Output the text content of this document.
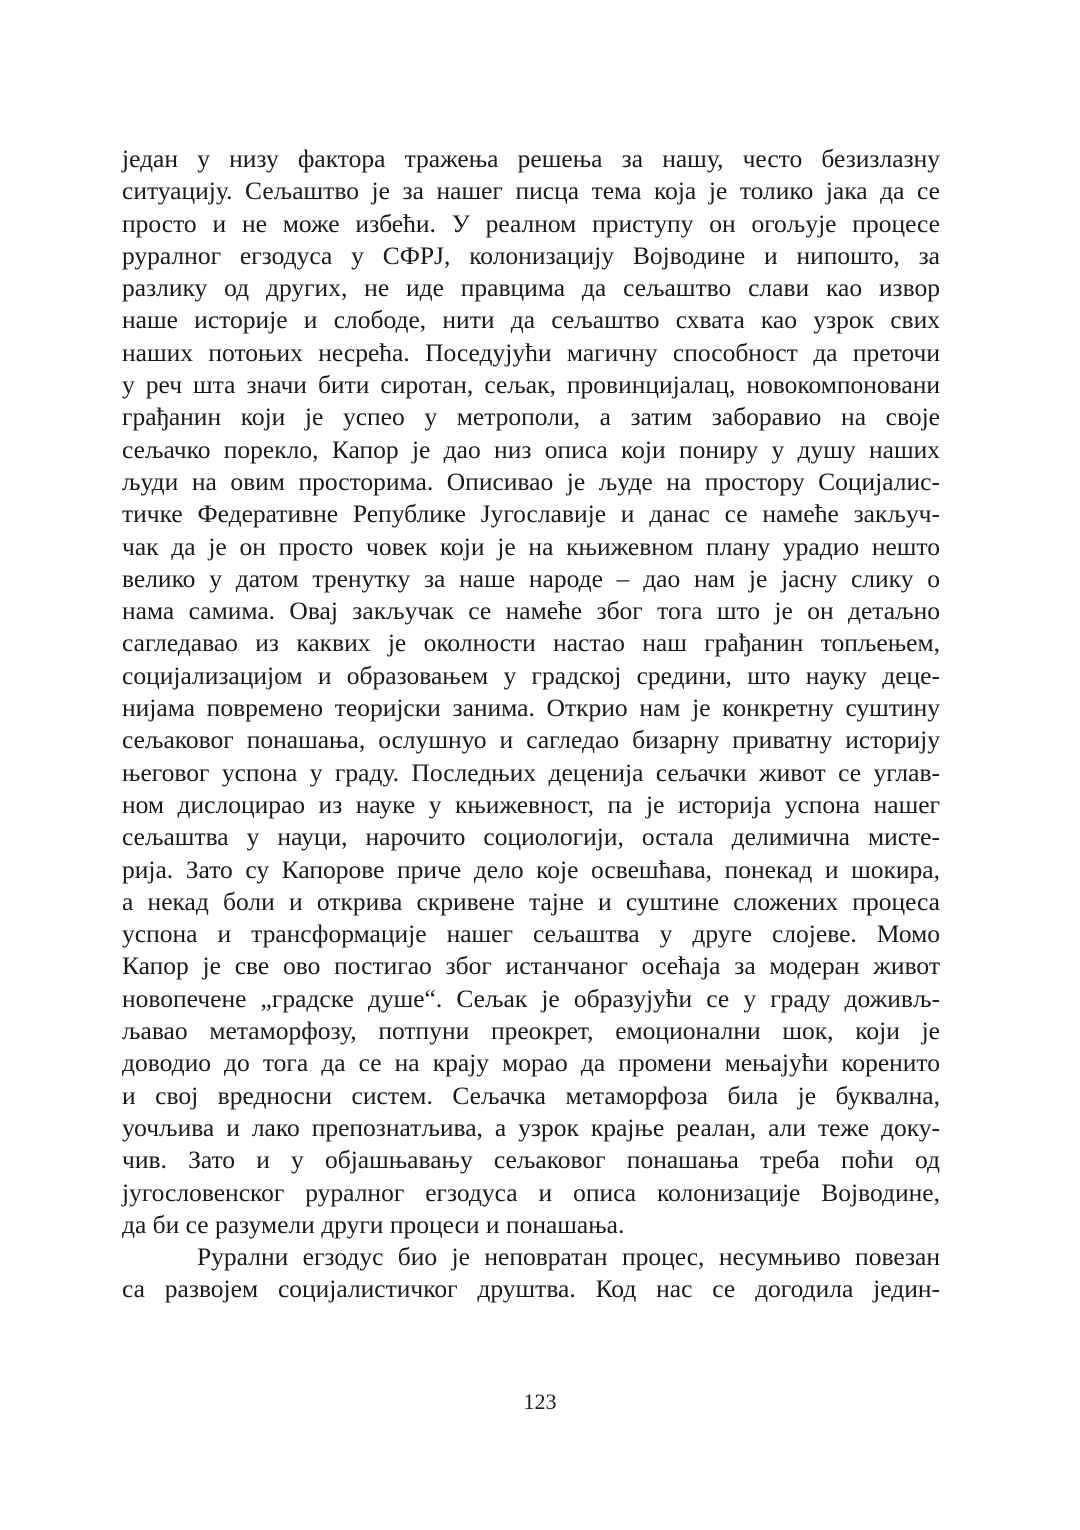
један у низу фактора тражења решења за нашу, често безизлазну
ситуацију. Сељаштво је за нашег писца тема која је толико јака да се
просто и не може избећи. У реалном приступу он огољује процесе
руралног егзодуса у СФРЈ, колонизацију Војводине и нипошто, за
разлику од других, не иде правцима да сељаштво слави као извор
наше историје и слободе, нити да сељаштво схвата као узрок свих
наших потоњих несрећа. Поседујући магичну способност да преточи
у реч шта значи бити сиротан, сељак, провинцијалац, новокомпоновани
грађанин који је успео у метрополи, а затим заборавио на своје
сељачко порекло, Капор је дао низ описа који понирy у душу наших
људи на овим просторима. Описивао је људе на простору Социјалис-
тичке Федеративне Републике Југославије и данас се намеће закључ-
чак да је он просто човек који је на књижевном плану урадио нешто
велико у датом тренутку за наше народе – дао нам је јасну слику о
нама самима. Овај закључак се намеће због тога што је он детаљно
сагледавао из каквих је околности настао наш грађанин топљењем,
социјализацијом и образовањем у градској средини, што науку деце-
нијама повремено теоријски занима. Открио нам је конкретну суштину
сељаковог понашања, ослушнуо и сагледао бизарну приватну историју
његовог успона у граду. Последњих деценија сељачки живот се углав-
ном дислоцирао из науке у књижевност, па је историја успона нашег
сељаштва у науци, нарочито социологији, остала делимична мисте-
рија. Зато су Капорове приче дело које освешћава, понекад и шокира,
а некад боли и открива скривене тајне и суштине сложених процеса
успона и трансформације нашег сељаштва у друге слојеве. Момо
Капор је све ово постигао због истанчаног осећаја за модеран живот
новопечене „градске душе“. Сељак је образујући се у граду доживљ-
љавао метаморфозу, потпуни преокрет, емоционални шок, који је
доводио до тога да се на крају морао да промени мењајући коренито
и свој вредносни систем. Сељачка метаморфоза била је буквална,
уочљива и лако препознатљива, а узрок крајње реалан, али теже доку-
чив. Зато и у објашњавању сељаковог понашања треба поћи од
југословенског руралног егзодуса и описа колонизације Војводине,
да би се разумели други процеси и понашања.
Рурални егзодус био је неповратан процес, несумњиво повезан
са развојем социјалистичког друштва. Код нас се догодила једин-
123
